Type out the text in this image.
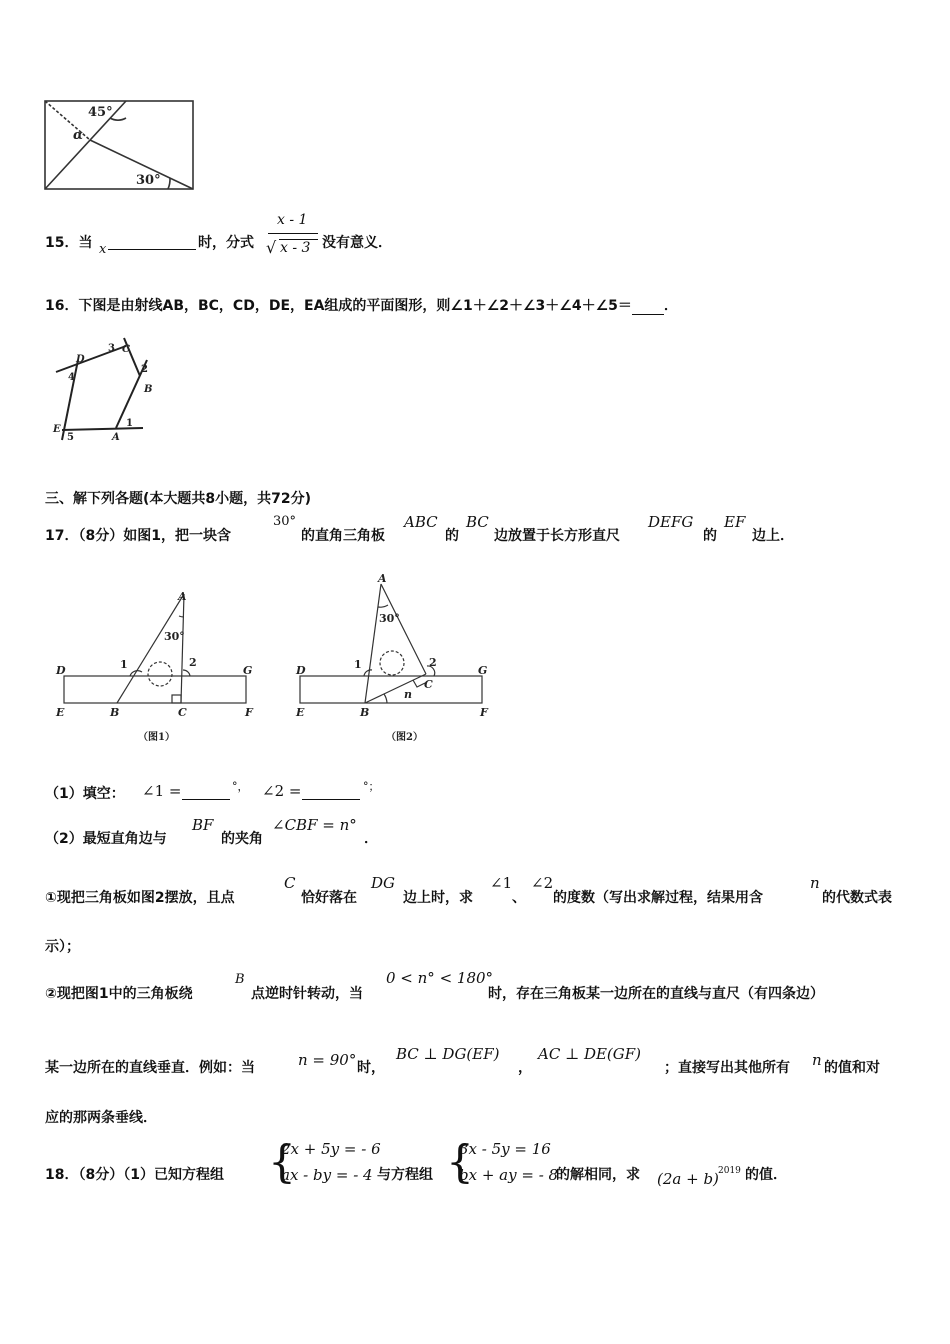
45°
α
30°
15．当 x	时，分式
x - 1
√ x - 3 没有意义．
16．下图是由射线AB，BC，CD，DE，EA组成的平面图形，则∠1＋∠2＋∠3＋∠4＋∠5＝ ．
D
3 C
4
2
B
E
5	A
1
三、解下列各题(本大题共8小题，共72分)
17．（8分）如图1，把一块含
30°
的直角三角板
ABC
的
BC
边放置于长方形直尺
DEFG
的
EF
边上．
A
30°
1	2
D	G
E	B	C	F
（图1）
A
30°
1	2
D	G
C
n
E	B	F
（图2）
（1）填空： ∠1 =	°， ∠2 =	°；
（2）最短直角边与
BF
的夹角
∠CBF = n°
．
①现把三角板如图2摆放，且点
C
恰好落在
DG
边上时，求
∠1
、
∠2
的度数（写出求解过程，结果用含
n
的代数式表
示）；
②现把图1中的三角板绕
B
点逆时针转动，当
0 < n° < 180°
时，存在三角板某一边所在的直线与直尺（有四条边）
某一边所在的直线垂直．例如：当	n = 90° 时，
BC ⊥ DG(EF)
，
AC ⊥ DE(GF)
；直接写出其他所有 n 的值和对
应的那两条垂线．
18．（8分）（1）已知方程组 {
2x + 5y = - 6
ax - by = - 4 与方程组 {
3x - 5y = 16
bx + ay = - 8
的解相同，求 (2a + b) 2019 的值．
